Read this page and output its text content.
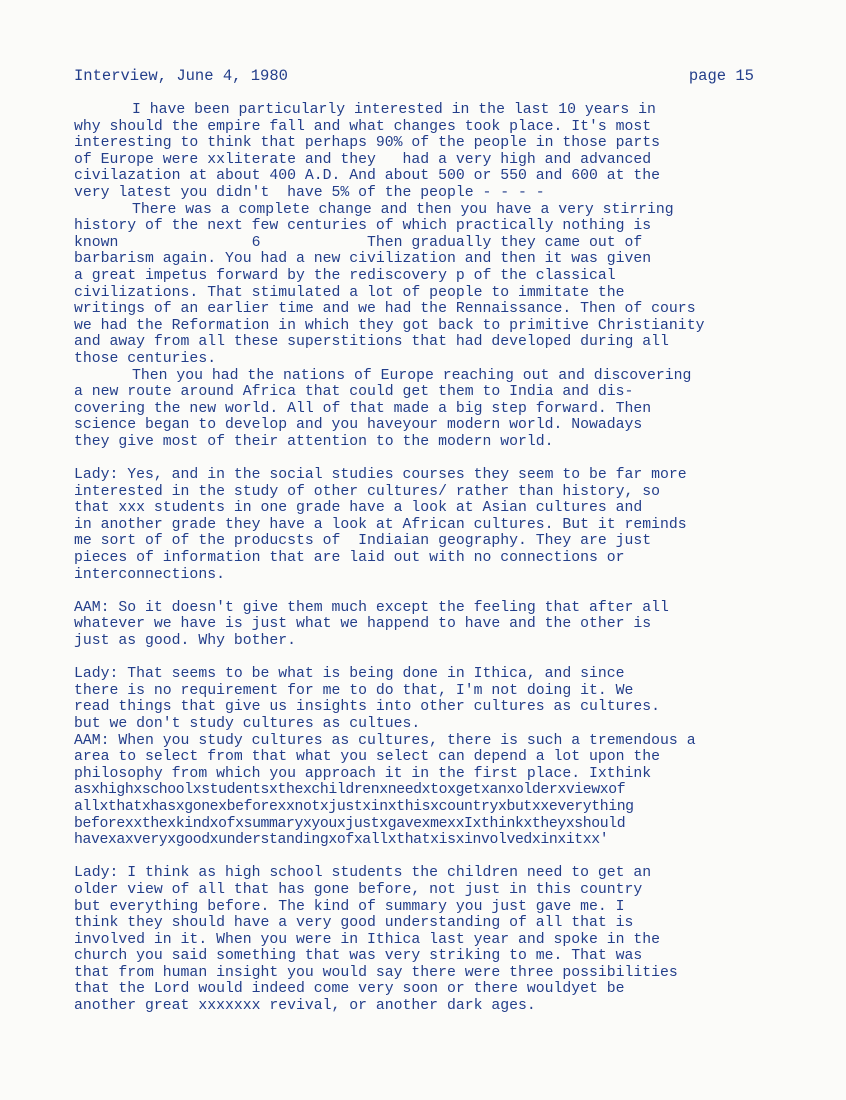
Interview, June 4, 1980	page 15
I have been particularly interested in the last 10 years in
why should the empire fall and what changes took place. It's most
interesting to think that perhaps 90% of the people in those parts
of Europe were xxliterate and they   had a very high and advanced
civilazation at about 400 A.D. And about 500 or 550 and 600 at the
very latest you didn't  have 5% of the people - - - -
There was a complete change and then you have a very stirring
history of the next few centuries of which practically nothing is
known               6            Then gradually they came out of
barbarism again. You had a new civilization and then it was given
a great impetus forward by the rediscovery p of the classical
civilizations. That stimulated a lot of people to immitate the
writings of an earlier time and we had the Rennaissance. Then of cours
we had the Reformation in which they got back to primitive Christianity
and away from all these superstitions that had developed during all
those centuries.
Then you had the nations of Europe reaching out and discovering
a new route around Africa that could get them to India and dis-
covering the new world. All of that made a big step forward. Then
science began to develop and you haveyour modern world. Nowadays
they give most of their attention to the modern world.
Lady: Yes, and in the social studies courses they seem to be far more
interested in the study of other cultures/ rather than history, so
that xxx students in one grade have a look at Asian cultures and
in another grade they have a look at African cultures. But it reminds
me sort of of the producsts of  Indiaian geography. They are just
pieces of information that are laid out with no connections or
interconnections.
AAM: So it doesn't give them much except the feeling that after all
whatever we have is just what we happend to have and the other is
just as good. Why bother.
Lady: That seems to be what is being done in Ithica, and since
there is no requirement for me to do that, I'm not doing it. We
read things that give us insights into other cultures as cultures.
but we don't study cultures as cultues.
AAM: When you study cultures as cultures, there is such a tremendous a
area to select from that what you select can depend a lot upon the
philosophy from which you approach it in the first place. Ixthink
asxhighxschoolxstudentsxthexchildrenxneedxtoxgetxanxolderxviewxof
allxthatxhasxgonexbeforexxnotxjustxinxthisxcountryxbutxxeverything
beforexxthexkindxofxsummaryxyouxjustxgavexmexxIxthinkxtheyxshould
havexaxveryxgoodxunderstandingxofxallxthatxisxinvolvedxinxitxx'
Lady: I think as high school students the children need to get an
older view of all that has gone before, not just in this country
but everything before. The kind of summary you just gave me. I
think they should have a very good understanding of all that is
involved in it. When you were in Ithica last year and spoke in the
church you said something that was very striking to me. That was
that from human insight you would say there were three possibilities
that the Lord would indeed come very soon or there wouldyet be
another great xxxxxxx revival, or another dark ages.
